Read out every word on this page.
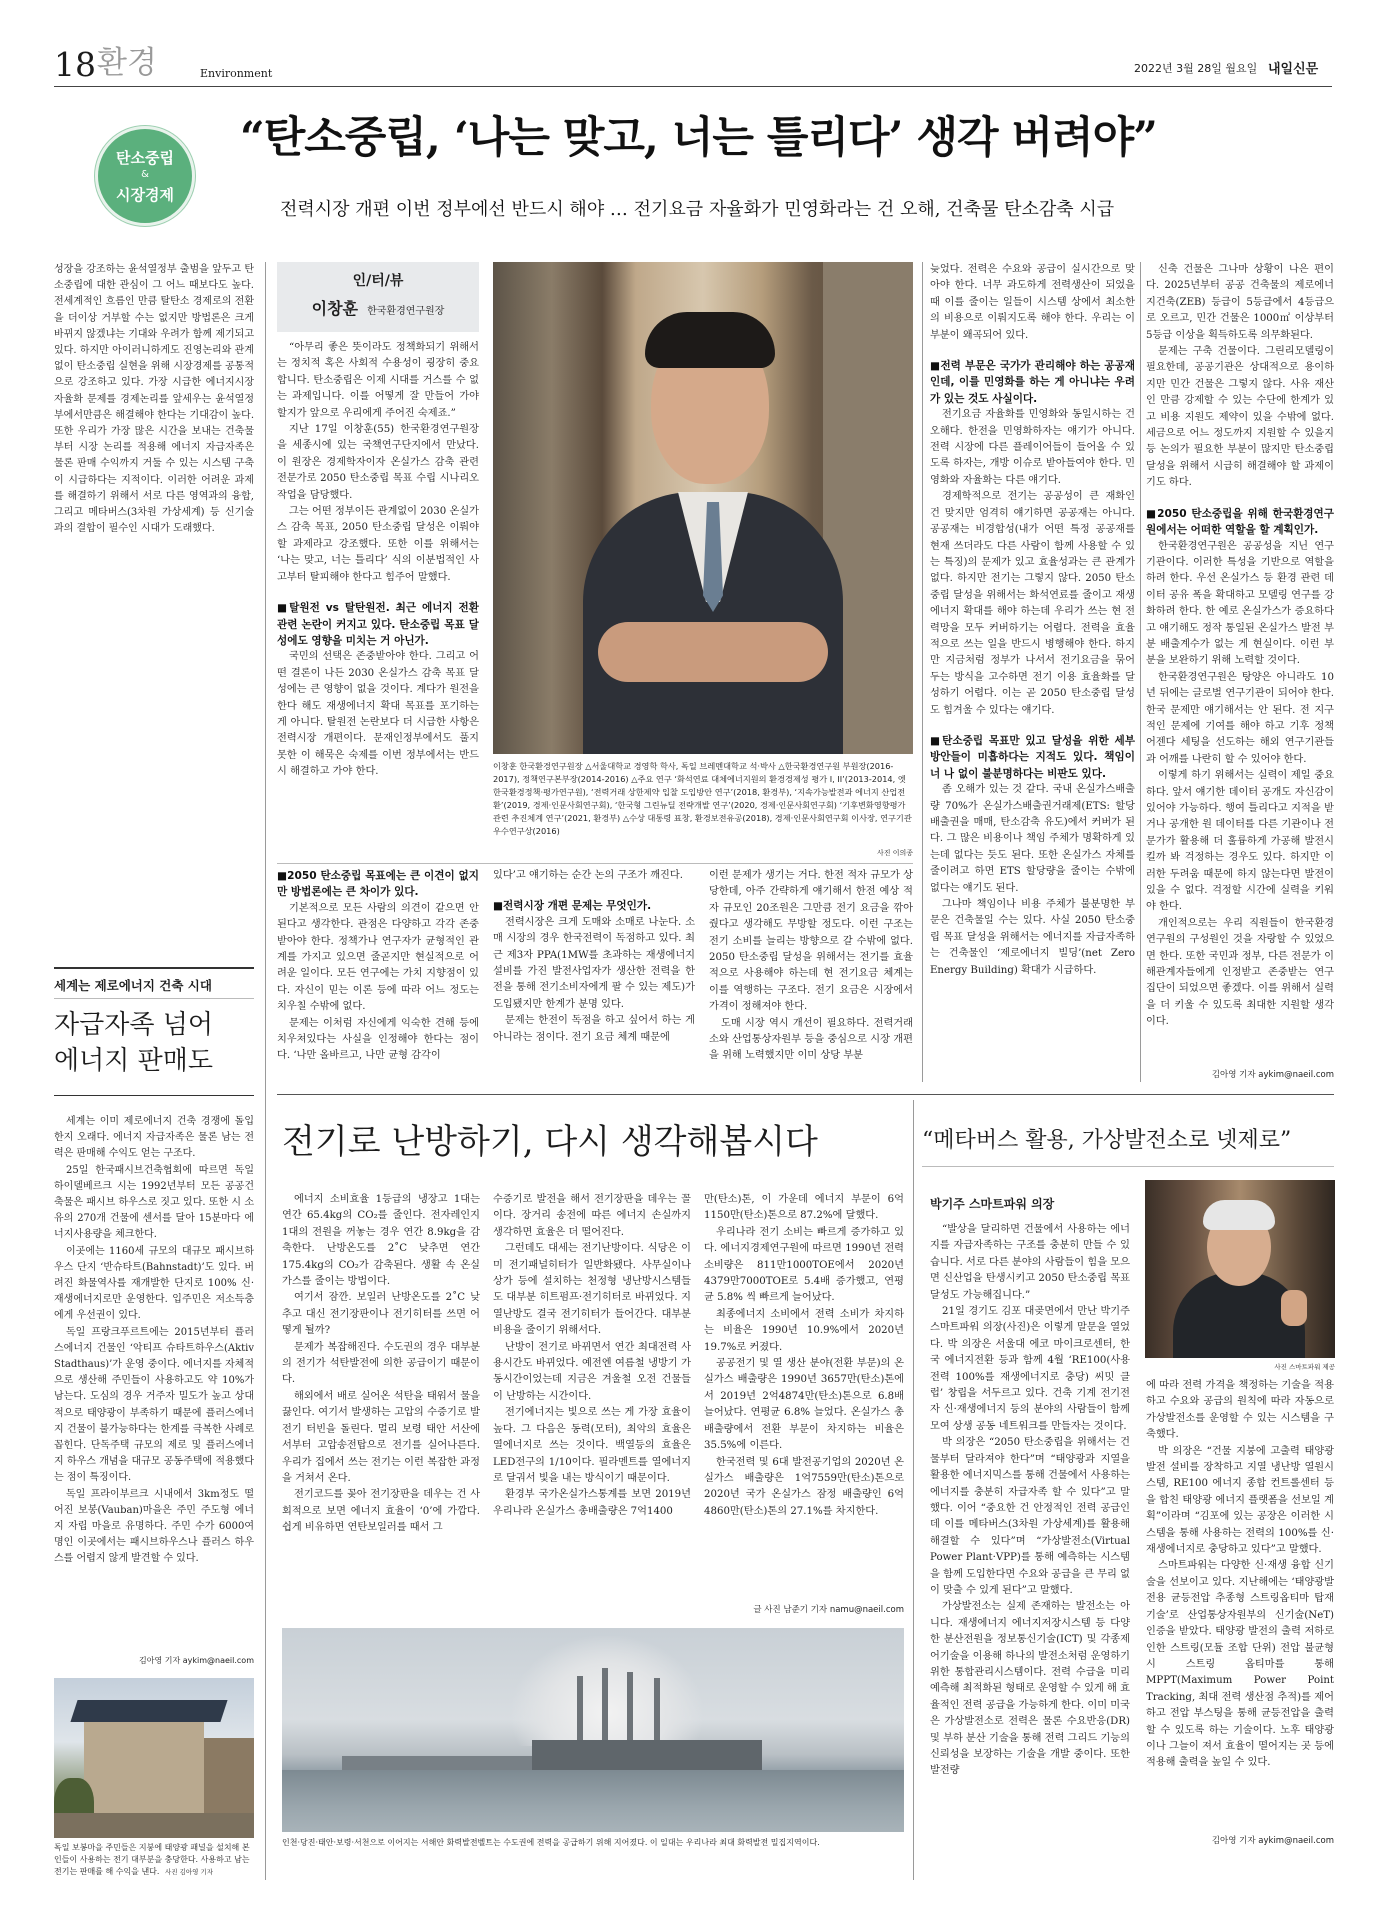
18 환경	Environment	2022년 3월 28일 월요일 내일신문
탄소중립
&
시장경제
“탄소중립, ‘나는 맞고, 너는 틀리다’ 생각 버려야”
전력시장 개편 이번 정부에선 반드시 해야 … 전기요금 자율화가 민영화라는 건 오해, 건축물 탄소감축 시급
성장을 강조하는 윤석열정부 출범을 앞두고 탄소중립에 대한 관심이 그 어느 때보다도 높다. 전세계적인 흐름인 만큼 탈탄소 경제로의 전환을 더이상 거부할 수는 없지만 방법론은 크게 바뀌지 않겠냐는 기대와 우려가 함께 제기되고 있다. 하지만 아이러니하게도 진영논리와 관계없이 탄소중립 실현을 위해 시장경제를 공통적으로 강조하고 있다. 가장 시급한 에너지시장 자율화 문제를 경제논리를 앞세우는 윤석열정부에서만큼은 해결해야 한다는 기대감이 높다. 또한 우리가 가장 많은 시간을 보내는 건축물부터 시장 논리를 적용해 에너지 자급자족은 물론 판매 수익까지 거둘 수 있는 시스템 구축이 시급하다는 지적이다. 이러한 어려운 과제를 해결하기 위해서 서로 다른 영역과의 융합, 그리고 메타버스(3차원 가상세계) 등 신기술과의 결합이 필수인 시대가 도래했다.
인/터/뷰
이창훈 한국환경연구원장

“아무리 좋은 뜻이라도 정책화되기 위해서는 정치적 혹은 사회적 수용성이 굉장히 중요합니다. 탄소중립은 이제 시대를 거스를 수 없는 과제입니다. 이를 어떻게 잘 만들어 가야 할지가 앞으로 우리에게 주어진 숙제죠.”

지난 17일 이창훈(55) 한국환경연구원장을 세종시에 있는 국책연구단지에서 만났다. 이 원장은 경제학자이자 온실가스 감축 관련 전문가로 2050 탄소중립 목표 수립 시나리오 작업을 담당했다.

그는 어떤 정부이든 관계없이 2030 온실가스 감축 목표, 2050 탄소중립 달성은 이뤄야 할 과제라고 강조했다. 또한 이를 위해서는 ‘나는 맞고, 너는 틀리다’ 식의 이분법적인 사고부터 탈피해야 한다고 힘주어 말했다.

■탈원전 vs 탈탄원전. 최근 에너지 전환 관련 논란이 커지고 있다. 탄소중립 목표 달성에도 영향을 미치는 거 아닌가.

국민의 선택은 존중받아야 한다. 그리고 어떤 결론이 나든 2030 온실가스 감축 목표 달성에는 큰 영향이 없을 것이다. 계다가 원전을 한다 해도 재생에너지 확대 목표를 포기하는 게 아니다. 탈원전 논란보다 더 시급한 사항은 전력시장 개편이다. 문재인정부에서도 풀지 못한 이 해묵은 숙제를 이번 정부에서는 반드시 해결하고 가야 한다.

이창훈 한국환경연구원장 △서울대학교 경영학 학사, 독일 브레멘대학교 석·박사 △한국환경연구원 부원장(2016-2017), 정책연구본부장(2014-2016) △주요 연구 ‘화석연료 대체에너지원의 환경경제성 평가 I, II’(2013-2014, 엣 한국환경정책·평가연구원), ‘전력거래 상한제약 입찰 도입방안 연구’(2018, 환경부), ‘지속가능발전과 에너지 산업전환’(2019, 경제·인문사회연구회), ‘한국형 그린뉴딜 전략개발 연구’(2020, 경제·인문사회연구회) ‘기후변화영향평가 관련 추진체계 연구’(2021, 환경부) △수상 대통령 표창, 환경보전유공(2018), 경제·인문사회연구회 이사장, 연구기관 우수연구상(2016)
사진 이의종
■2050 탄소중립 목표에는 큰 이견이 없지만 방법론에는 큰 차이가 있다.

기본적으로 모든 사람의 의견이 같으면 안 된다고 생각한다. 관점은 다양하고 각각 존중받아야 한다. 정책가나 연구자가 균형적인 관계를 가지고 있으면 줄곧지만 현실적으로 어려운 일이다. 모든 연구에는 가치 지향점이 있다. 자신이 믿는 이론 등에 따라 어느 정도는 치우칠 수밖에 없다.

문제는 이처럼 자신에게 익숙한 견해 등에 치우쳐있다는 사실을 인정해야 한다는 점이다. ‘나만 올바르고, 나만 균형 감각이

있다’고 얘기하는 순간 논의 구조가 깨진다.

■전력시장 개편 문제는 무엇인가.

전력시장은 크게 도매와 소매로 나눈다. 소매 시장의 경우 한국전력이 독점하고 있다. 최근 제3자 PPA(1MW를 초과하는 재생에너지 설비를 가진 발전사업자가 생산한 전력을 한전을 통해 전기소비자에게 팔 수 있는 제도)가 도입됐지만 한계가 분명 있다.

문제는 한전이 독점을 하고 싶어서 하는 게 아니라는 점이다. 전기 요금 체계 때문에

이런 문제가 생기는 거다. 한전 적자 규모가 상당한데, 아주 간략하게 얘기해서 한전 예상 적자 규모인 20조원은 그만큼 전기 요금을 깎아줬다고 생각해도 무방할 정도다. 이런 구조는 전기 소비를 늘리는 방향으로 갈 수밖에 없다. 2050 탄소중립 달성을 위해서는 전기를 효율적으로 사용해야 하는데 현 전기요금 체계는 이를 역행하는 구조다. 전기 요금은 시장에서 가격이 정해져야 한다.

도매 시장 역시 개선이 필요하다. 전력거래소와 산업통상자원부 등을 중심으로 시장 개편을 위해 노력했지만 이미 상당 부분

늦었다. 전력은 수요와 공급이 실시간으로 맞아야 한다. 너무 과도하게 전력생산이 되었을 때 이를 줄이는 일들이 시스템 상에서 최소한의 비용으로 이뤄지도록 해야 한다. 우리는 이 부분이 왜곡되어 있다.

■전력 부문은 국가가 관리해야 하는 공공재인데, 이를 민영화를 하는 게 아니냐는 우려가 있는 것도 사실이다.

전기요금 자율화를 민영화와 동일시하는 건 오해다. 한전을 민영화하자는 얘기가 아니다. 전력 시장에 다른 플레이어들이 들어올 수 있도록 하자는, 개방 이슈로 받아들여야 한다. 민영화와 자율화는 다른 얘기다.

경제학적으로 전기는 공공성이 큰 재화인 건 맞지만 엄격히 얘기하면 공공재는 아니다. 공공재는 비경합성(내가 어떤 특정 공공재를 현재 쓰더라도 다른 사람이 함께 사용할 수 있는 특징)의 문제가 있고 효율성과는 큰 관계가 없다. 하지만 전기는 그렇지 않다. 2050 탄소중립 달성을 위해서는 화석연료를 줄이고 재생에너지 확대를 해야 하는데 우리가 쓰는 현 전력망을 모두 커버하기는 어렵다. 전력을 효율적으로 쓰는 일을 반드시 병행해야 한다. 하지만 지금처럼 정부가 나서서 전기요금을 묶어 두는 방식을 고수하면 전기 이용 효율화를 달성하기 어렵다. 이는 곧 2050 탄소중립 달성도 힘겨울 수 있다는 얘기다.

■탄소중립 목표만 있고 달성을 위한 세부 방안들이 미흡하다는 지적도 있다. 책임이 너 나 없이 불분명하다는 비판도 있다.

좀 오해가 있는 것 같다. 국내 온실가스배출량 70%가 온실가스배출권거래제(ETS: 할당 배출권을 매매, 탄소감축 유도)에서 커버가 된다. 그 많은 비용이나 책임 주체가 명확하게 있는데 없다는 듯도 된다. 또한 온실가스 자체를 줄이려고 하면 ETS 할당량을 줄이는 수밖에 없다는 얘기도 된다.

그나마 책임이나 비용 주체가 불분명한 부문은 건축물일 수는 있다. 사실 2050 탄소중립 목표 달성을 위해서는 에너지를 자급자족하는 건축물인 ‘제로에너지 빌딩’(net Zero Energy Building) 확대가 시급하다.

신축 건물은 그나마 상황이 나은 편이다. 2025년부터 공공 건축물의 제로에너지건축(ZEB) 등급이 5등급에서 4등급으로 오르고, 민간 건물은 1000㎡ 이상부터 5등급 이상을 획득하도록 의무화된다.

문제는 구축 건물이다. 그린리모델링이 필요한데, 공공기관은 상대적으로 용이하지만 민간 건물은 그렇지 않다. 사유 재산인 만큼 강제할 수 있는 수단에 한계가 있고 비용 지원도 제약이 있을 수밖에 없다. 세금으로 어느 정도까지 지원할 수 있을지 등 논의가 필요한 부분이 많지만 탄소중립 달성을 위해서 시급히 해결해야 할 과제이기도 하다.

■2050 탄소중립을 위해 한국환경연구원에서는 어떠한 역할을 할 계획인가.

한국환경연구원은 공공성을 지닌 연구기관이다. 이러한 특성을 기반으로 역할을 하려 한다. 우선 온실가스 등 환경 관련 데이터 공유 폭을 확대하고 모델링 연구를 강화하려 한다. 한 예로 온실가스가 증요하다고 얘기해도 정작 통일된 온실가스 발전 부분 배출계수가 없는 게 현실이다. 이런 부분을 보완하기 위해 노력할 것이다.

한국환경연구원은 탕양은 아니라도 10년 뒤에는 글로벌 연구기관이 되어야 한다. 한국 문제만 얘기해서는 안 된다. 전 지구적인 문제에 기여를 해야 하고 기후 정책 어젠다 세팅을 선도하는 해외 연구기관들과 어깨를 나란히 할 수 있어야 한다.

이렇게 하기 위해서는 실력이 제일 중요하다. 앞서 얘기한 데이터 공개도 자신감이 있어야 가능하다. 행여 틀리다고 지적을 받거나 공개한 원 데이터를 다른 기관이나 전문가가 활용해 더 훌륭하게 가공해 발전시킬까 봐 걱정하는 경우도 있다. 하지만 이러한 두려움 때문에 하지 않는다면 발전이 있을 수 없다. 걱정할 시간에 실력을 키워야 한다.

개인적으로는 우리 직원들이 한국환경연구원의 구성원인 것을 자랑할 수 있었으면 한다. 또한 국민과 정부, 다른 전문가 이해관계자들에게 인정받고 존중받는 연구 집단이 되었으면 좋겠다. 이를 위해서 실력을 더 키울 수 있도록 최대한 지원할 생각이다.

김아영 기자 aykim@naeil.com
세계는 제로에너지 건축 시대
자급자족 넘어
에너지 판매도

세계는 이미 제로에너지 건축 경쟁에 돌입한지 오래다. 에너지 자급자족은 물론 남는 전력은 판매해 수익도 얻는 구조다.

25일 한국패시브건축협회에 따르면 독일 하이델베르크 시는 1992년부터 모든 공공건축물은 패시브 하우스로 짓고 있다. 또한 시 소유의 270개 건물에 센서를 달아 15분마다 에너지사용량을 체크한다.

이곳에는 1160세 규모의 대규모 패시브하우스 단지 ‘반슈타트(Bahnstadt)’도 있다. 버려진 화물역사를 재개발한 단지로 100% 신·재생에너지로만 운영한다. 입주민은 저소득층에게 우선권이 있다.

독일 프랑크푸르트에는 2015년부터 플러스에너지 건물인 ‘악티프 슈타트하우스(Aktiv Stadthaus)’가 운영 중이다. 에너지를 자체적으로 생산해 주민들이 사용하고도 약 10%가 남는다. 도심의 경우 거주자 밀도가 높고 상대적으로 태양광이 부족하기 때문에 플러스에너지 건물이 불가능하다는 한계를 극복한 사례로 꼽힌다. 단독주택 규모의 제로 및 플러스에너지 하우스 개념을 대규모 공동주택에 적용했다는 점이 특징이다.

독일 프라이부르크 시내에서 3km정도 떨어진 보봉(Vauban)마을은 주민 주도형 에너지 자립 마을로 유명하다. 주민 수가 6000여명인 이곳에서는 패시브하우스나 플러스 하우스를 어렵지 않게 발견할 수 있다.

김아영 기자 aykim@naeil.com
독일 보봉마을 주민들은 지붕에 태양광 패널을 설치해 본인들이 사용하는 전기 대부분을 충당한다. 사용하고 남는 전기는 판매를 해 수익을 낸다. 사진 김아영 기자
전기로 난방하기, 다시 생각해봅시다

에너지 소비효율 1등급의 냉장고 1대는 연간 65.4kg의 CO₂를 줄인다. 전자레인지 1대의 전원을 꺼놓는 경우 연간 8.9kg을 감축한다. 난방온도를 2˚C 낮추면 연간 175.4kg의 CO₂가 감축된다. 생활 속 온실가스를 줄이는 방법이다.

여기서 잠깐. 보일러 난방온도를 2˚C 낮추고 대신 전기장판이나 전기히터를 쓰면 어떻게 될까?

문제가 복잡해진다. 수도권의 경우 대부분의 전기가 석탄발전에 의한 공급이기 때문이다.

해외에서 배로 실어온 석탄을 태워서 물을 끓인다. 여기서 발생하는 고압의 수증기로 발전기 터빈을 돌린다. 멀리 보령 태안 서산에서부터 고압송전탑으로 전기를 실어나른다. 우리가 집에서 쓰는 전기는 이런 복잡한 과정을 거쳐서 온다.

전기코드를 꽂아 전기장판을 데우는 건 사회적으로 보면 에너지 효율이 ‘0’에 가깝다. 쉽게 비유하면 연탄보일러를 때서 그

수증기로 발전을 해서 전기장판을 데우는 꼴이다. 장거리 송전에 따른 에너지 손실까지 생각하면 효율은 더 떨어진다.

그런데도 대세는 전기난방이다. 식당은 이미 전기패널히터가 일반화됐다. 사무실이나 상가 등에 설치하는 천정형 냉난방시스템들도 대부분 히트펌프·전기히터로 바뀌었다. 지열난방도 결국 전기히터가 들어간다. 대부분 비용을 줄이기 위해서다.

난방이 전기로 바뀌면서 연간 최대전력 사용시간도 바뀌었다. 예전엔 여름철 냉방기 가동시간이었는데 지금은 겨울철 오전 건물들이 난방하는 시간이다.

전기에너지는 빛으로 쓰는 게 가장 효율이 높다. 그 다음은 동력(모터), 최악의 효율은 열에너지로 쓰는 것이다. 백열등의 효율은 LED전구의 1/10이다. 필라멘트를 열에너지로 달궈서 빛을 내는 방식이기 때문이다.

환경부 국가온실가스통계를 보면 2019년 우리나라 온실가스 총배출량은 7억1400

만(탄소)톤, 이 가운데 에너지 부문이 6억1150만(탄소)톤으로 87.2%에 달했다.

우리나라 전기 소비는 빠르게 증가하고 있다. 에너지경제연구원에 따르면 1990년 전력 소비량은 811만1000TOE에서 2020년 4379만7000TOE로 5.4배 증가했고, 연평균 5.8% 씩 빠르게 늘어났다.

최종에너지 소비에서 전력 소비가 차지하는 비율은 1990년 10.9%에서 2020년 19.7%로 커졌다.

공공전기 및 열 생산 분야(전환 부문)의 온실가스 배출량은 1990년 3657만(탄소)톤에서 2019년 2억4874만(탄소)톤으로 6.8배 늘어났다. 연평균 6.8% 늘었다. 온실가스 총배출량에서 전환 부문이 차지하는 비율은 35.5%에 이른다.

한국전력 및 6대 발전공기업의 2020년 온실가스 배출량은 1억7559만(탄소)톤으로 2020년 국가 온실가스 잠정 배출량인 6억4860만(탄소)톤의 27.1%를 차지한다.

글 사진 남준기 기자 namu@naeil.com
인천·당진·태안·보령·서천으로 이어지는 서해안 화력발전벨트는 수도권에 전력을 공급하기 위해 지어졌다. 이 일대는 우리나라 최대 화력발전 밀집지역이다.
“메타버스 활용, 가상발전소로 넷제로”
박기주 스마트파워 의장

“발상을 달리하면 건물에서 사용하는 에너지를 자급자족하는 구조를 충분히 만들 수 있습니다. 서로 다른 분야의 사람들이 힘을 모으면 신산업을 탄생시키고 2050 탄소중립 목표 달성도 가능해집니다.”

21일 경기도 김포 대곶면에서 만난 박기주 스마트파워 의장(사진)은 이렇게 말문을 열었다. 박 의장은 서울대 에코 마이크로센터, 한국 에너지전환 등과 함께 4월 ‘RE100(사용 전력 100%를 재생에너지로 충당) 씨밋 클럽’ 창립을 서두르고 있다. 건축 기계 전기전자 신·재생에너지 등의 분야의 사람들이 함께 모여 상생 공동 네트워크를 만들자는 것이다.

박 의장은 “2050 탄소중립을 위해서는 건물부터 달라져야 한다”며 “태양광과 지열을 활용한 에너지믹스를 통해 건물에서 사용하는 에너지를 충분히 자급자족 할 수 있다”고 말했다. 이어 “중요한 건 안정적인 전력 공급인데 이를 메타버스(3차원 가상세계)를 활용해 해결할 수 있다”며 “가상발전소(Virtual Power Plant·VPP)를 통해 예측하는 시스템을 함께 도입한다면 수요와 공급을 큰 무리 없이 맞출 수 있게 된다”고 말했다.

가상발전소는 실제 존재하는 발전소는 아니다. 재생에너지 에너지저장시스템 등 다양한 분산전원을 정보통신기술(ICT) 및 각종제어기술을 이용해 하나의 발전소처럼 운영하기 위한 통합관리시스템이다. 전력 수급을 미리 예측해 최적화된 형태로 운영할 수 있게 해 효율적인 전력 공급을 가능하게 한다. 이미 미국은 가상발전소로 전력은 물론 수요반응(DR) 및 부하 분산 기술을 통해 전력 그리드 기능의 신뢰성을 보장하는 기술을 개발 중이다. 또한 발전량

사진 스마트파워 제공

에 따라 전력 가격을 책정하는 기술을 적용하고 수요와 공급의 원칙에 따라 자동으로 가상발전소를 운영할 수 있는 시스템을 구축했다.

박 의장은 “건물 지붕에 고출력 태양광 발전 설비를 장착하고 지열 냉난방 열원시스템, RE100 에너지 종합 컨트롤센터 등을 합친 태양광 에너지 플랫폼을 선보일 계획”이라며 “김포에 있는 공장은 이러한 시스템을 통해 사용하는 전력의 100%를 신·재생에너지로 충당하고 있다”고 말했다.

스마트파워는 다양한 신·재생 융합 신기술을 선보이고 있다. 지난해에는 ‘태양광발전용 균등전압 추종형 스트링옵티마 탑재 기술’로 산업통상자원부의 신기술(NeT) 인증을 받았다. 태양광 발전의 출력 저하로 인한 스트링(모듈 조합 단위) 전압 불균형시 스트링 옵티마를 통해 MPPT(Maximum Power Point Tracking, 최대 전력 생산점 추적)를 제어하고 전압 부스팅을 통해 균등전압을 출력할 수 있도록 하는 기술이다. 노후 태양광이나 그늘이 져서 효율이 떨어지는 곳 등에 적용해 출력을 높일 수 있다.

김아영 기자 aykim@naeil.com
